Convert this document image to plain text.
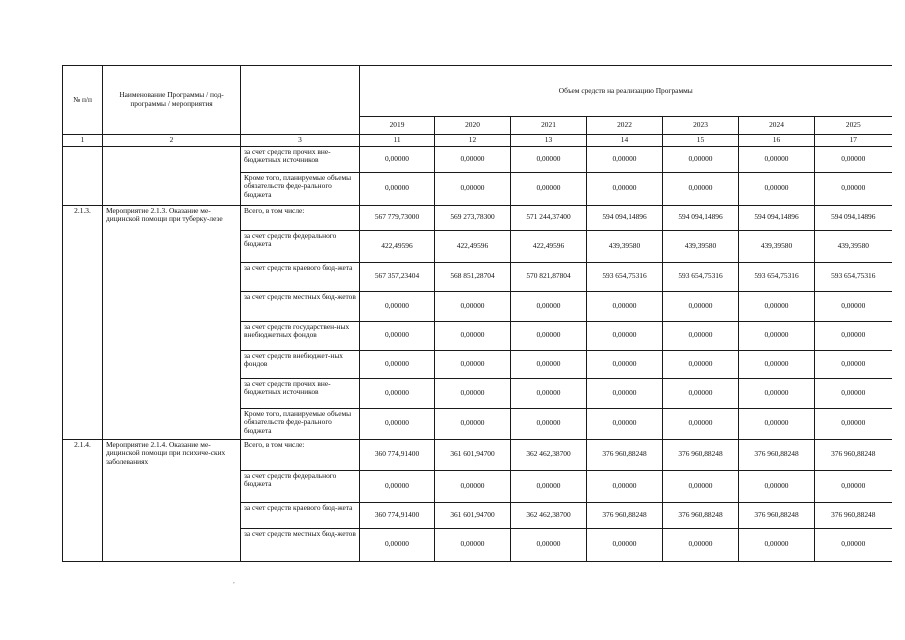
№ п/п	Наименование Программы / под-программы / мероприятия		Объем средств на реализацию Программы						
			2019	2020	2021	2022	2023	2024	2025
1	2	3	11	12	13	14	15	16	17
		за счет средств прочих вне-бюджетных источников	0,00000	0,00000	0,00000	0,00000	0,00000	0,00000	0,00000
		Кроме того, планируемые объемы обязательств феде-рального бюджета	0,00000	0,00000	0,00000	0,00000	0,00000	0,00000	0,00000
2.1.3.	Мероприятие 2.1.3. Оказание ме-дицинской помощи при туберку-лезе	Всего, в том числе:	567 779,73000	569 273,78300	571 244,37400	594 094,14896	594 094,14896	594 094,14896	594 094,14896
		за счет средств федерального бюджета	422,49596	422,49596	422,49596	439,39580	439,39580	439,39580	439,39580
		за счет средств краевого бюд-жета	567 357,23404	568 851,28704	570 821,87804	593 654,75316	593 654,75316	593 654,75316	593 654,75316
		за счет средств местных бюд-жетов	0,00000	0,00000	0,00000	0,00000	0,00000	0,00000	0,00000
		за счет средств государствен-ных внебюджетных фондов	0,00000	0,00000	0,00000	0,00000	0,00000	0,00000	0,00000
		за счет средств внебюджет-ных фондов	0,00000	0,00000	0,00000	0,00000	0,00000	0,00000	0,00000
		за счет средств прочих вне-бюджетных источников	0,00000	0,00000	0,00000	0,00000	0,00000	0,00000	0,00000
		Кроме того, планируемые объемы обязательств феде-рального бюджета	0,00000	0,00000	0,00000	0,00000	0,00000	0,00000	0,00000
2.1.4.	Мероприятие 2.1.4. Оказание ме-дицинской помощи при психиче-ских заболеваниях	Всего, в том числе:	360 774,91400	361 601,94700	362 462,38700	376 960,88248	376 960,88248	376 960,88248	376 960,88248
		за счет средств федерального бюджета	0,00000	0,00000	0,00000	0,00000	0,00000	0,00000	0,00000
		за счет средств краевого бюд-жета	360 774,91400	361 601,94700	362 462,38700	376 960,88248	376 960,88248	376 960,88248	376 960,88248
		за счет средств местных бюд-жетов	0,00000	0,00000	0,00000	0,00000	0,00000	0,00000	0,00000
,
